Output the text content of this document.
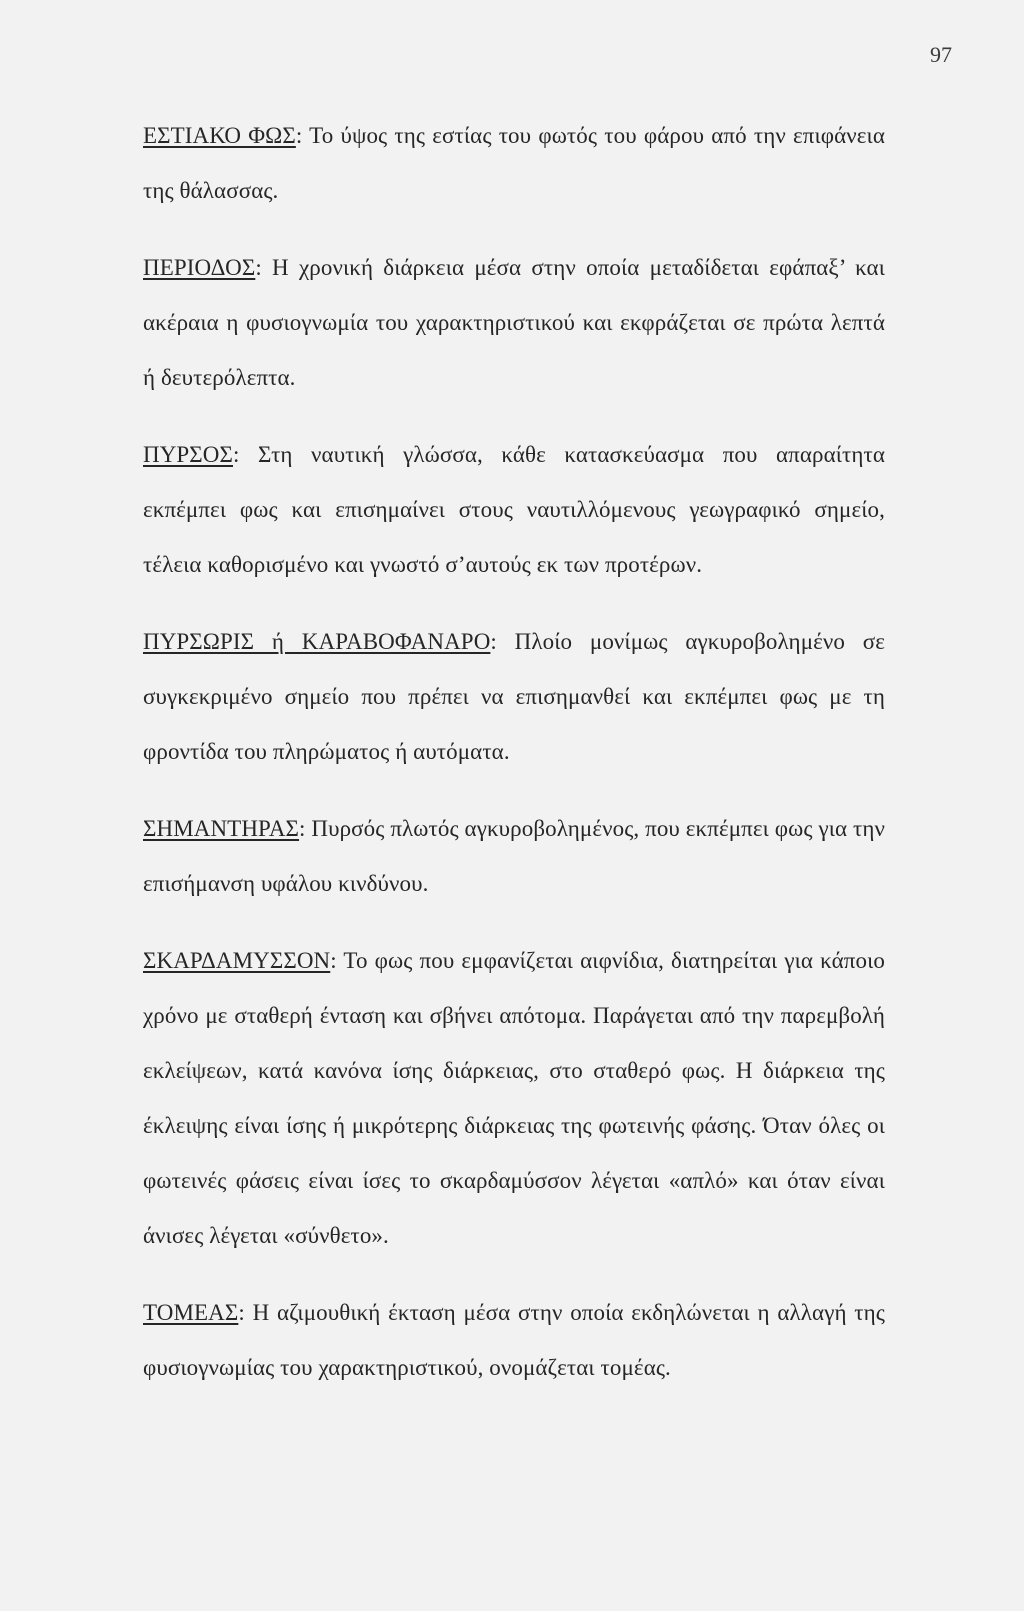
97

ΕΣΤΙΑΚΟ ΦΩΣ: Το ύψος της εστίας του φωτός του φάρου από την επιφάνεια της θάλασσας.

ΠΕΡΙΟΔΟΣ: Η χρονική διάρκεια μέσα στην οποία μεταδίδεται εφάπαξ’ και ακέραια η φυσιογνωμία του χαρακτηριστικού και εκφράζεται σε πρώτα λεπτά ή δευτερόλεπτα.

ΠΥΡΣΟΣ: Στη ναυτική γλώσσα, κάθε κατασκεύασμα που απαραίτητα εκπέμπει φως και επισημαίνει στους ναυτιλλόμενους γεωγραφικό σημείο, τέλεια καθορισμένο και γνωστό σ’αυτούς εκ των προτέρων.

ΠΥΡΣΩΡΙΣ ή ΚΑΡΑΒΟΦΑΝΑΡΟ: Πλοίο μονίμως αγκυροβολημένο σε συγκεκριμένο σημείο που πρέπει να επισημανθεί και εκπέμπει φως με τη φροντίδα του πληρώματος ή αυτόματα.

ΣΗΜΑΝΤΗΡΑΣ: Πυρσός πλωτός αγκυροβολημένος, που εκπέμπει φως για την επισήμανση υφάλου κινδύνου.

ΣΚΑΡΔΑΜΥΣΣΟΝ: Το φως που εμφανίζεται αιφνίδια, διατηρείται για κάποιο χρόνο με σταθερή ένταση και σβήνει απότομα. Παράγεται από την παρεμβολή εκλείψεων, κατά κανόνα ίσης διάρκειας, στο σταθερό φως. Η διάρκεια της έκλειψης είναι ίσης ή μικρότερης διάρκειας της φωτεινής φάσης. Όταν όλες οι φωτεινές φάσεις είναι ίσες το σκαρδαμύσσον λέγεται «απλό» και όταν είναι άνισες λέγεται «σύνθετο».

ΤΟΜΕΑΣ: Η αζιμουθική έκταση μέσα στην οποία εκδηλώνεται η αλλαγή της φυσιογνωμίας του χαρακτηριστικού, ονομάζεται τομέας.
